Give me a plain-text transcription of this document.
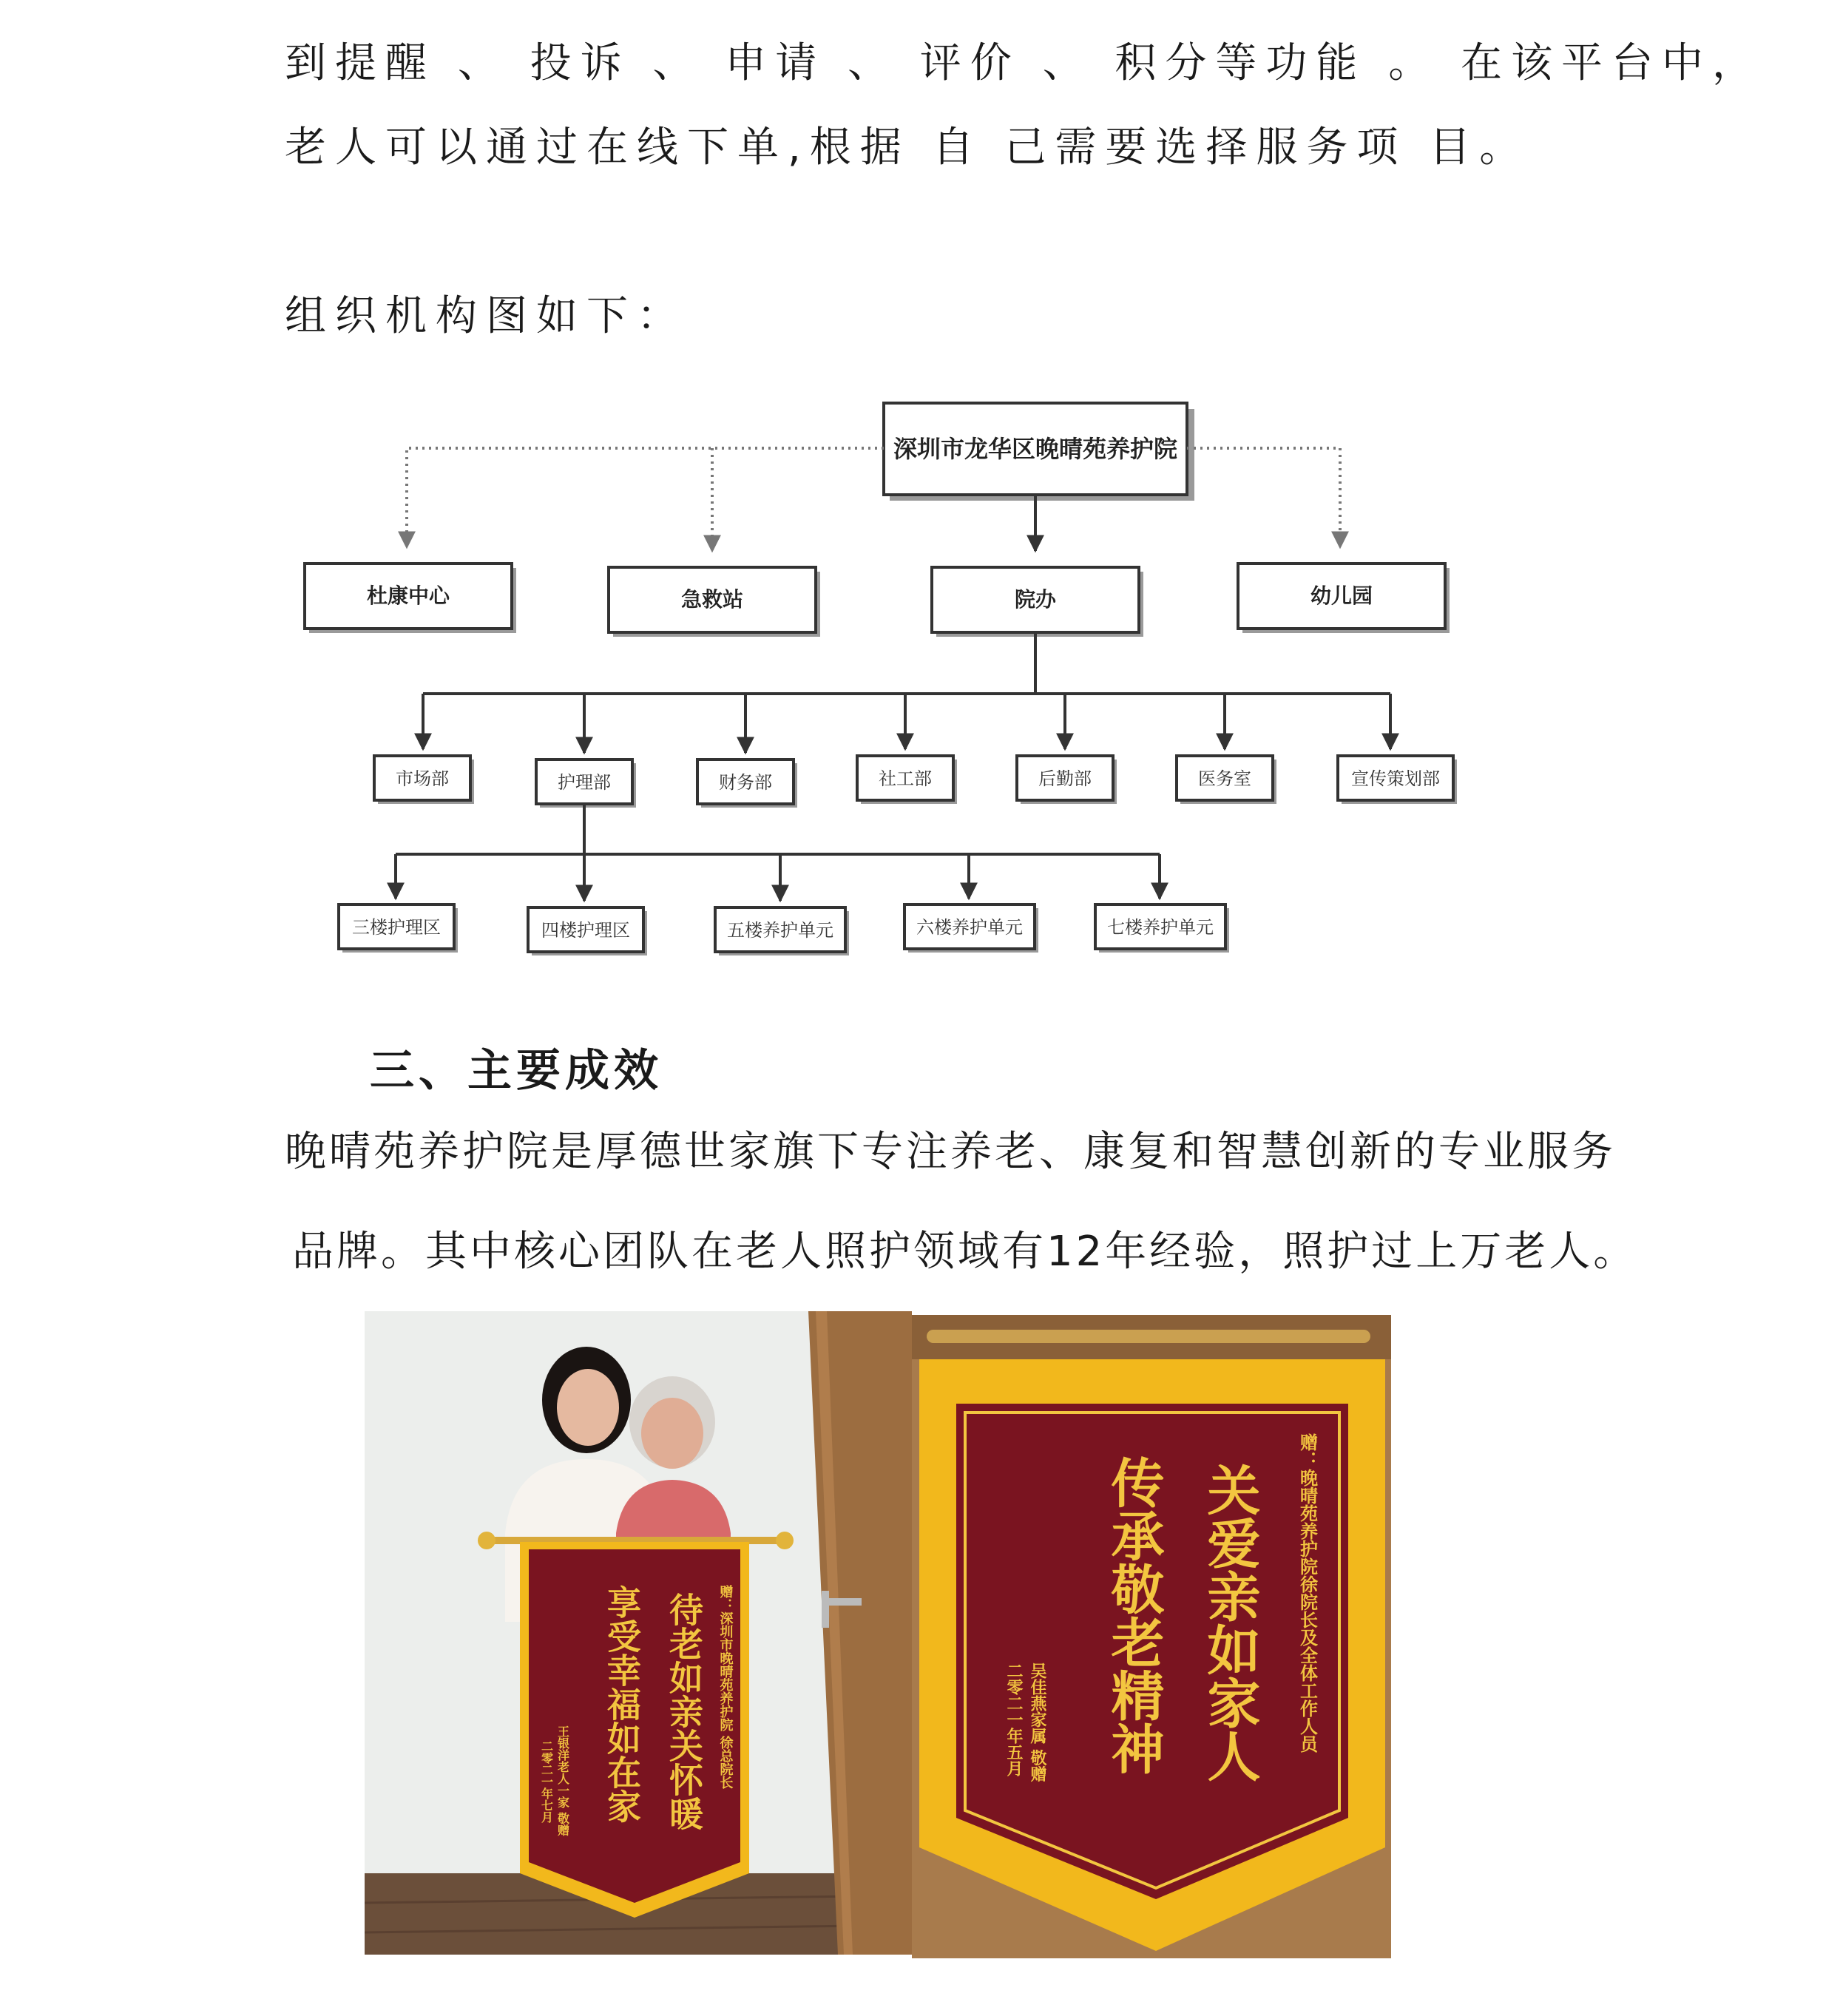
到提醒 、 投诉 、 申请 、 评价 、 积分等功能 。 在该平台中，
老人可以通过在线下单,根据 自 己需要选择服务项 目。
组织机构图如下：
深圳市龙华区晚晴苑养护院
杜康中心	急救站	院办	幼儿园
市场部	护理部	财务部	社工部	后勤部	医务室	宣传策划部
三楼护理区	四楼护理区	五楼养护单元	六楼养护单元	七楼养护单元
三、主要成效
晚晴苑养护院是厚德世家旗下专注养老、康复和智慧创新的专业服务
品牌。其中核心团队在老人照护领域有12年经验，照护过上万老人。
赠：深圳市晚晴苑养护院 徐总院长
待老如亲关怀暖
享受幸福如在家
王银洋老人一家 敬赠
二零二一年七月
赠：晚晴苑养护院徐院长及全体工作人员
关爱亲如家人
传承敬老精神
吴佳燕家属 敬赠
二零二一年五月
